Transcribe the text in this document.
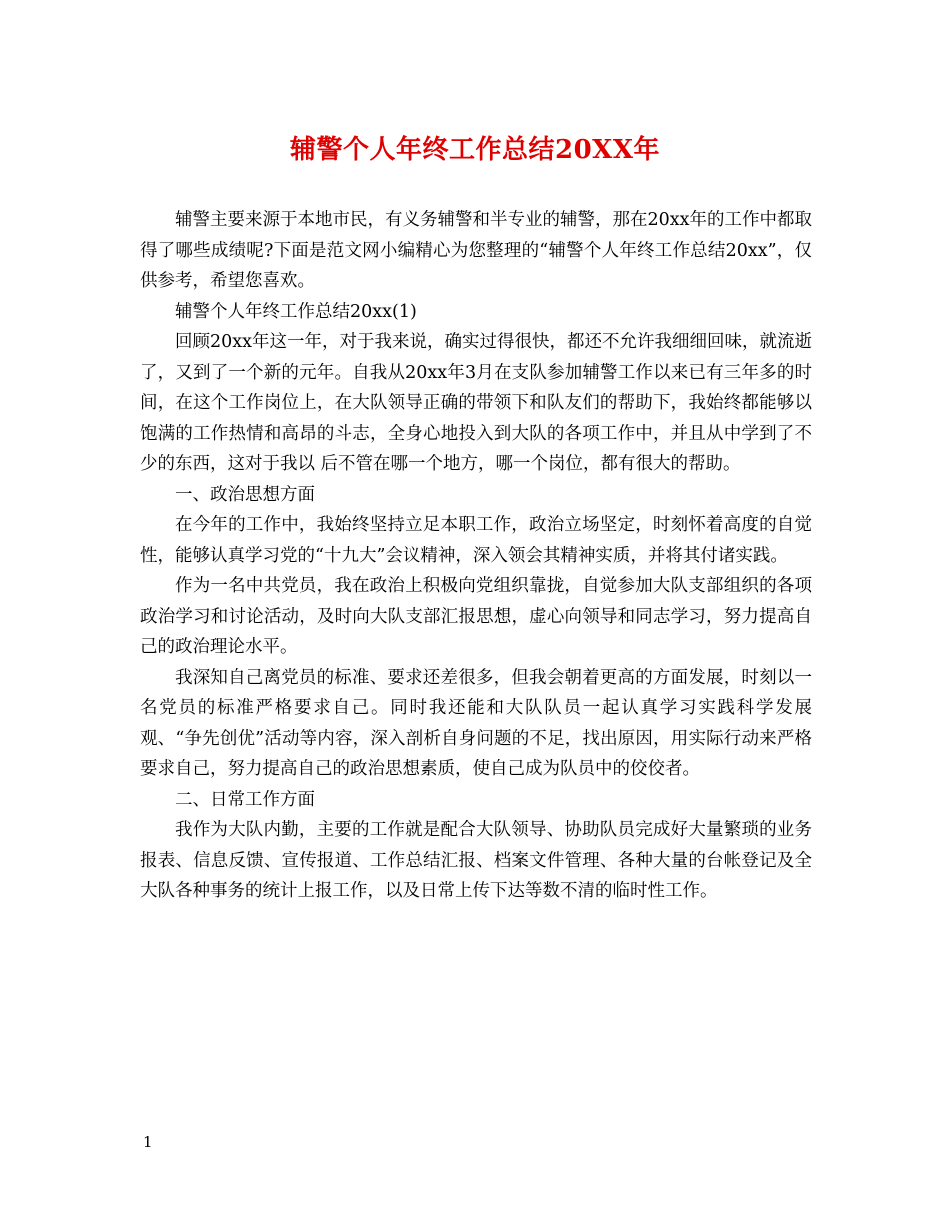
辅警个人年终工作总结20XX年

辅警主要来源于本地市民，有义务辅警和半专业的辅警，那在20xx年的工作中都取得了哪些成绩呢?下面是范文网小编精心为您整理的“辅警个人年终工作总结20xx”，仅供参考，希望您喜欢。

辅警个人年终工作总结20xx(1)

回顾20xx年这一年，对于我来说，确实过得很快，都还不允许我细细回味，就流逝了，又到了一个新的元年。自我从20xx年3月在支队参加辅警工作以来已有三年多的时间，在这个工作岗位上，在大队领导正确的带领下和队友们的帮助下，我始终都能够以饱满的工作热情和高昂的斗志，全身心地投入到大队的各项工作中，并且从中学到了不少的东西，这对于我以 后不管在哪一个地方，哪一个岗位，都有很大的帮助。

一、政治思想方面

在今年的工作中，我始终坚持立足本职工作，政治立场坚定，时刻怀着高度的自觉性，能够认真学习党的“十九大”会议精神，深入领会其精神实质，并将其付诸实践。

作为一名中共党员，我在政治上积极向党组织靠拢，自觉参加大队支部组织的各项政治学习和讨论活动，及时向大队支部汇报思想，虚心向领导和同志学习，努力提高自己的政治理论水平。

我深知自己离党员的标准、要求还差很多，但我会朝着更高的方面发展，时刻以一名党员的标准严格要求自己。同时我还能和大队队员一起认真学习实践科学发展观、“争先创优”活动等内容，深入剖析自身问题的不足，找出原因，用实际行动来严格要求自己，努力提高自己的政治思想素质，使自己成为队员中的佼佼者。

二、日常工作方面

我作为大队内勤，主要的工作就是配合大队领导、协助队员完成好大量繁琐的业务报表、信息反馈、宣传报道、工作总结汇报、档案文件管理、各种大量的台帐登记及全大队各种事务的统计上报工作，以及日常上传下达等数不清的临时性工作。

1
